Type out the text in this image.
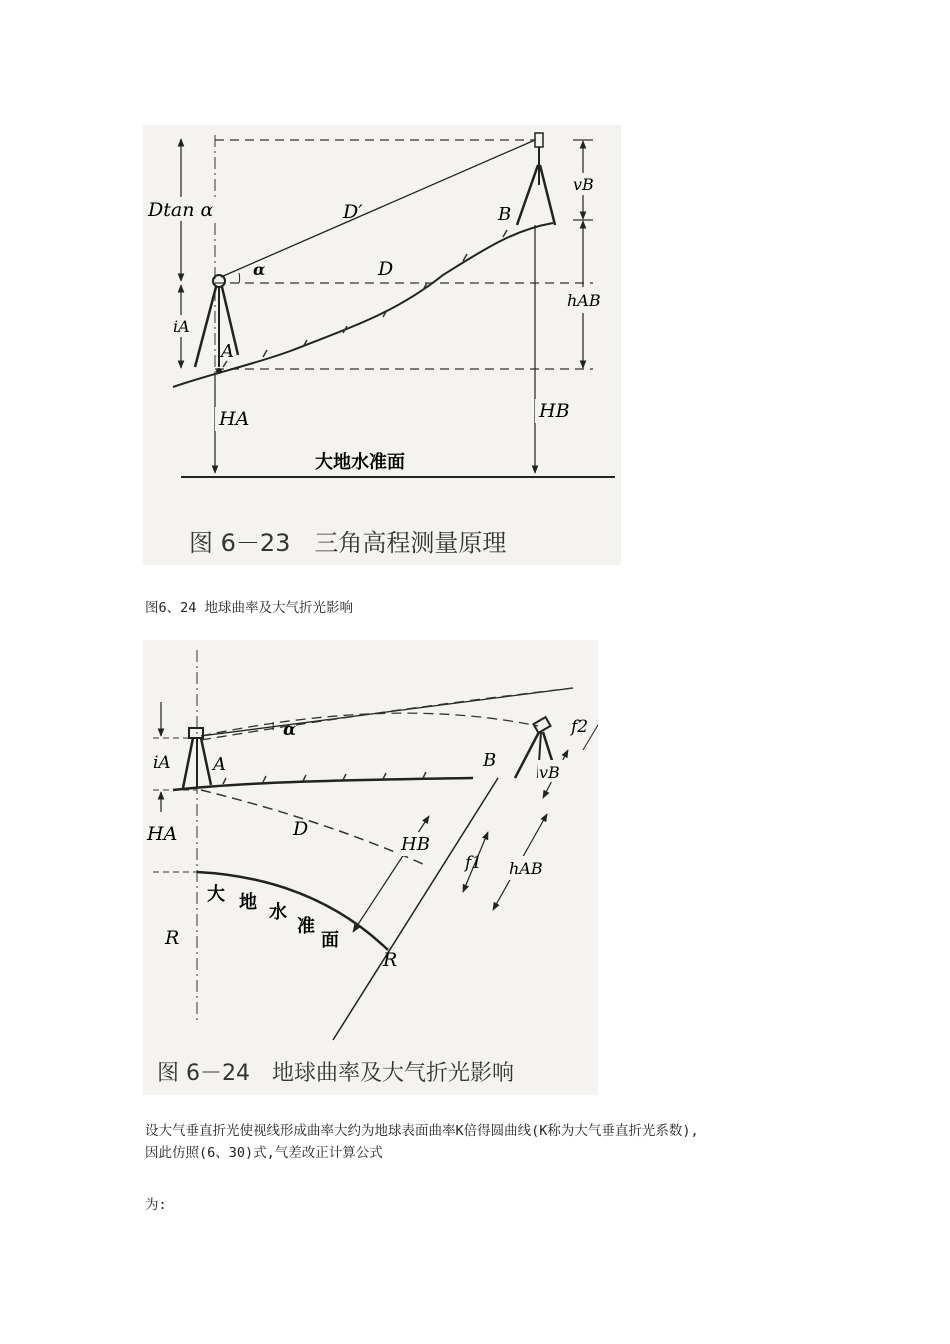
Dtan α
iA
HA
D′
α	D
A
B
vB
hAB
HB
大地水准面
图 6－23　三角高程测量原理
图6、24 地球曲率及大气折光影响
iA
HA
α
A
D
大 地 水
准
面
R
R
HB
B
f2
vB
f1 hAB
图 6－24　地球曲率及大气折光影响
设大气垂直折光使视线形成曲率大约为地球表面曲率K倍得圆曲线(K称为大气垂直折光系数),
因此仿照(6、30)式,气差改正计算公式
为:
